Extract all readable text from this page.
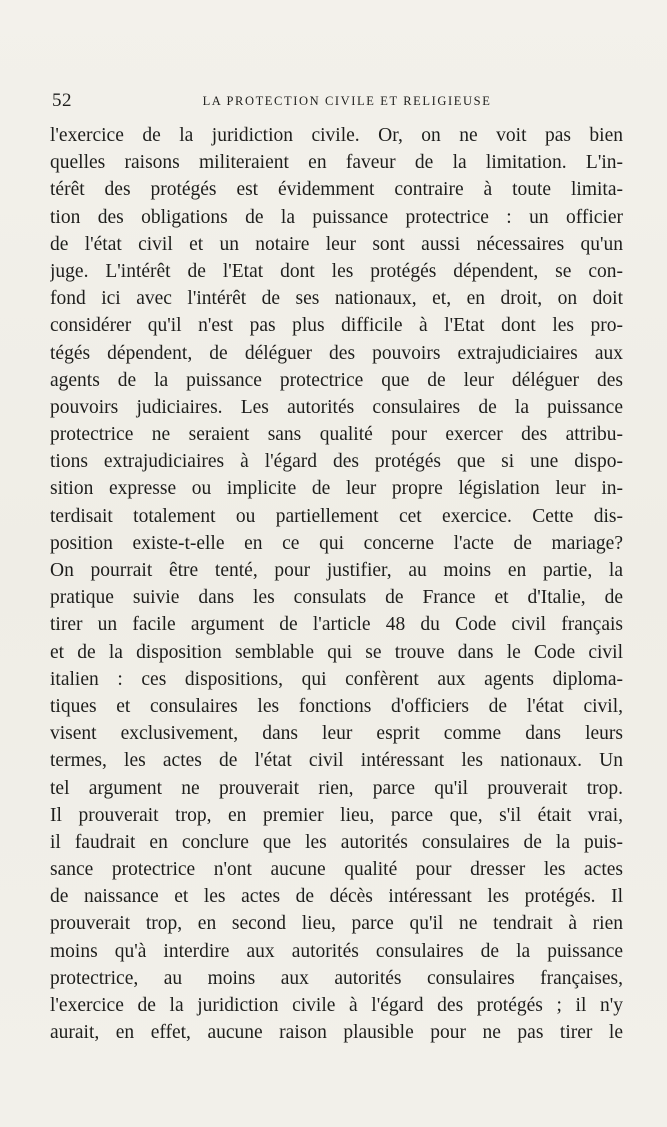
52	LA PROTECTION CIVILE ET RELIGIEUSE
l'exercice de la juridiction civile. Or, on ne voit pas bien
quelles raisons militeraient en faveur de la limitation. L'in-
térêt des protégés est évidemment contraire à toute limita-
tion des obligations de la puissance protectrice : un officier
de l'état civil et un notaire leur sont aussi nécessaires qu'un
juge. L'intérêt de l'Etat dont les protégés dépendent, se con-
fond ici avec l'intérêt de ses nationaux, et, en droit, on doit
considérer qu'il n'est pas plus difficile à l'Etat dont les pro-
tégés dépendent, de déléguer des pouvoirs extrajudiciaires aux
agents de la puissance protectrice que de leur déléguer des
pouvoirs judiciaires. Les autorités consulaires de la puissance
protectrice ne seraient sans qualité pour exercer des attribu-
tions extrajudiciaires à l'égard des protégés que si une dispo-
sition expresse ou implicite de leur propre législation leur in-
terdisait totalement ou partiellement cet exercice. Cette dis-
position existe-t-elle en ce qui concerne l'acte de mariage?
On pourrait être tenté, pour justifier, au moins en partie, la
pratique suivie dans les consulats de France et d'Italie, de
tirer un facile argument de l'article 48 du Code civil français
et de la disposition semblable qui se trouve dans le Code civil
italien : ces dispositions, qui confèrent aux agents diploma-
tiques et consulaires les fonctions d'officiers de l'état civil,
visent exclusivement, dans leur esprit comme dans leurs
termes, les actes de l'état civil intéressant les nationaux. Un
tel argument ne prouverait rien, parce qu'il prouverait trop.
Il prouverait trop, en premier lieu, parce que, s'il était vrai,
il faudrait en conclure que les autorités consulaires de la puis-
sance protectrice n'ont aucune qualité pour dresser les actes
de naissance et les actes de décès intéressant les protégés. Il
prouverait trop, en second lieu, parce qu'il ne tendrait à rien
moins qu'à interdire aux autorités consulaires de la puissance
protectrice, au moins aux autorités consulaires françaises,
l'exercice de la juridiction civile à l'égard des protégés ; il n'y
aurait, en effet, aucune raison plausible pour ne pas tirer le
